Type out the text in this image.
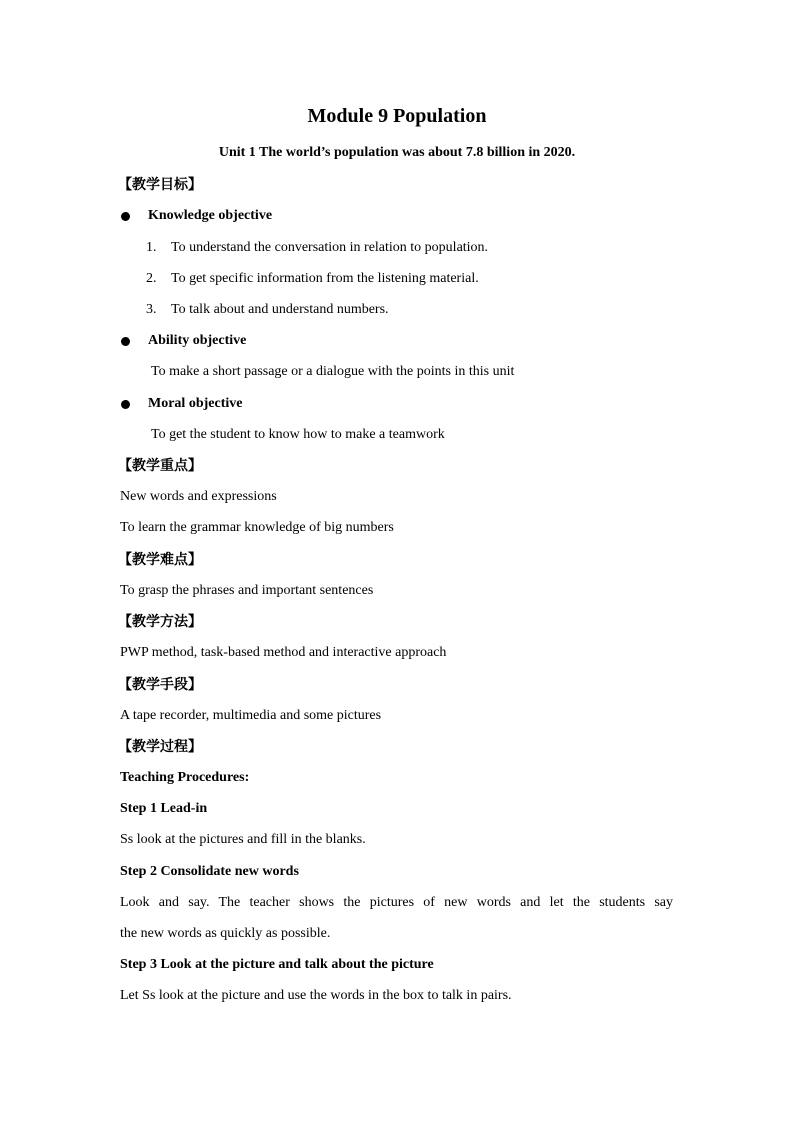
Module 9 Population
Unit 1 The world’s population was about 7.8 billion in 2020.
【教学目标】
Knowledge objective
1. To understand the conversation in relation to population.
2. To get specific information from the listening material.
3. To talk about and understand numbers.
Ability objective
To make a short passage or a dialogue with the points in this unit
Moral objective
To get the student to know how to make a teamwork
【教学重点】
New words and expressions
To learn the grammar knowledge of big numbers
【教学难点】
To grasp the phrases and important sentences
【教学方法】
PWP method, task-based method and interactive approach
【教学手段】
A tape recorder, multimedia and some pictures
【教学过程】
Teaching Procedures:
Step 1 Lead-in
Ss look at the pictures and fill in the blanks.
Step 2 Consolidate new words
Look and say. The teacher shows the pictures of new words and let the students say
the new words as quickly as possible.
Step 3 Look at the picture and talk about the picture
Let Ss look at the picture and use the words in the box to talk in pairs.
